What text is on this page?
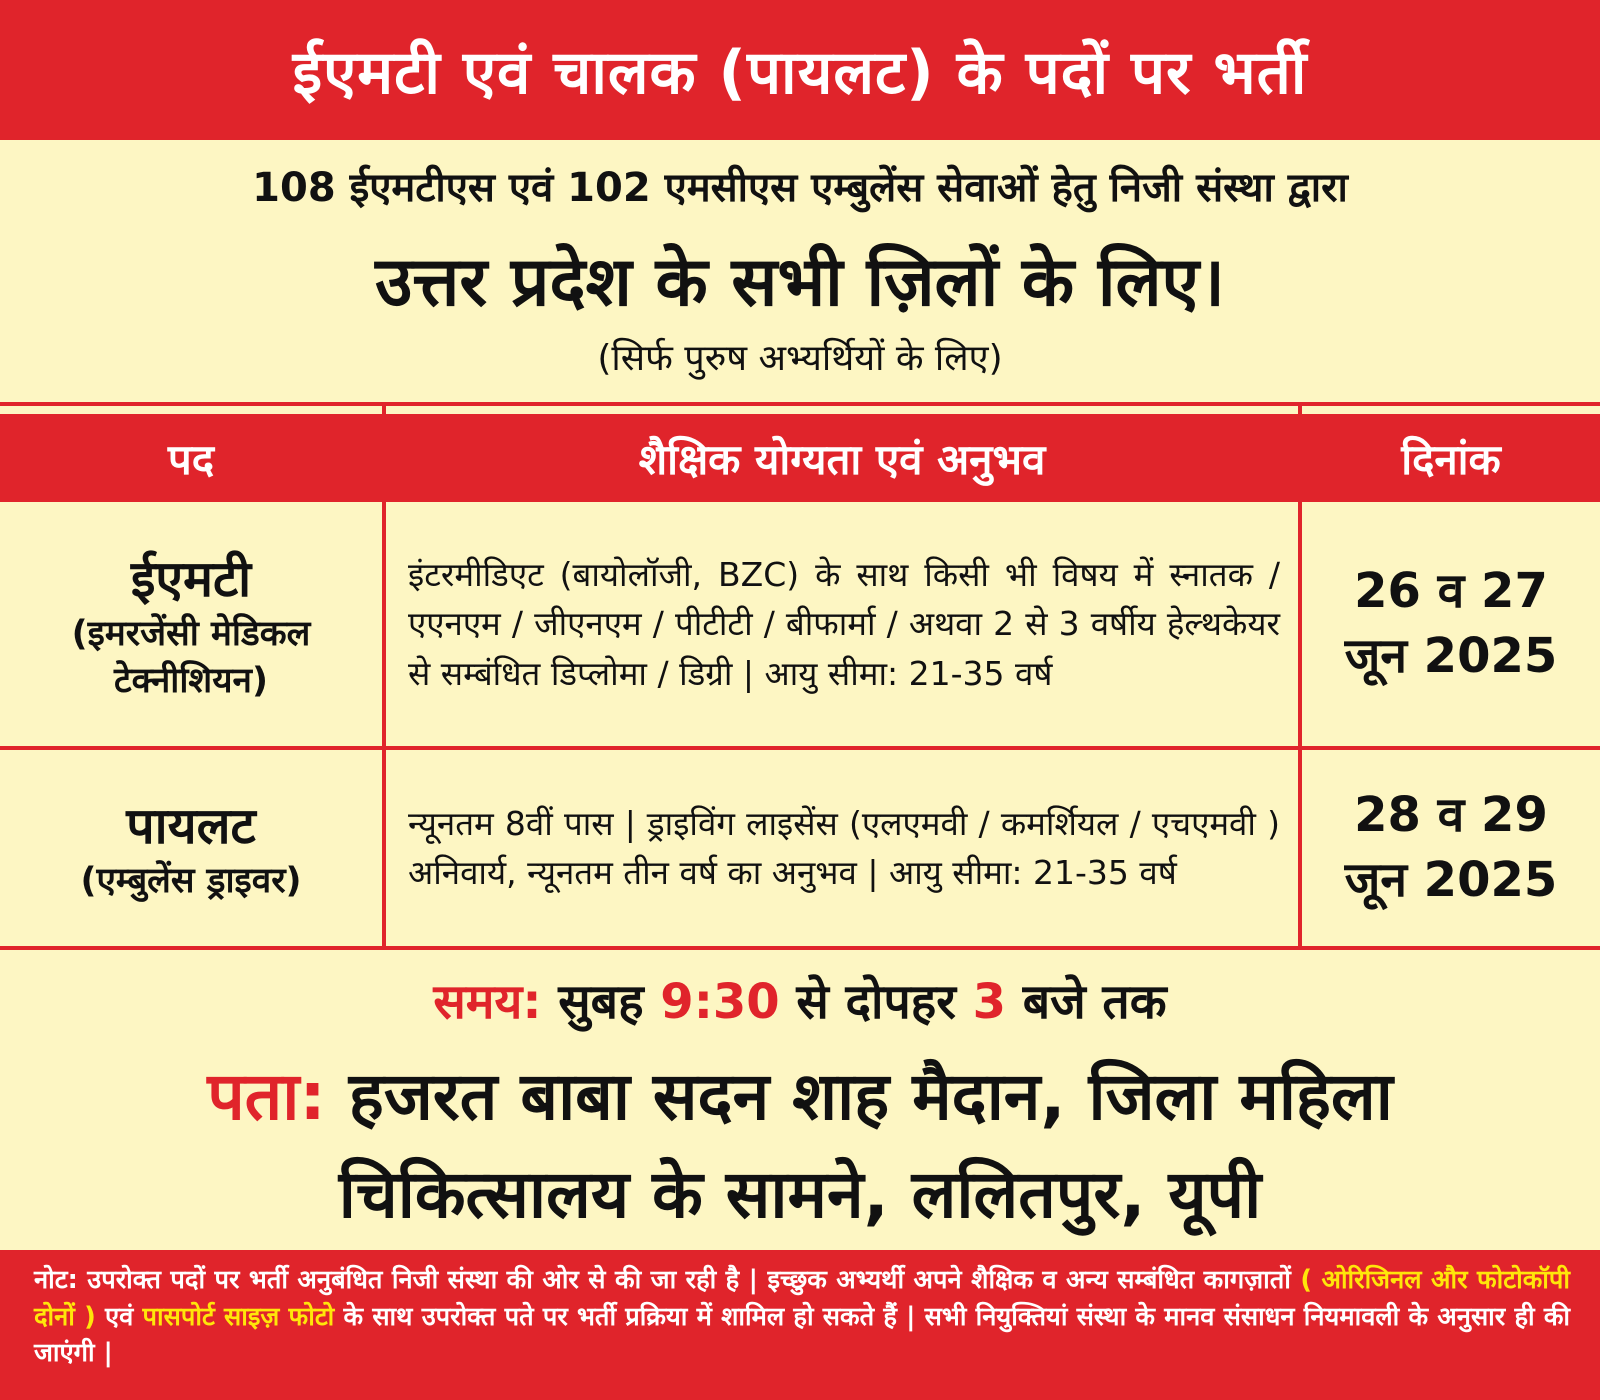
ईएमटी एवं चालक (पायलट) के पदों पर भर्ती
108 ईएमटीएस एवं 102 एमसीएस एम्बुलेंस सेवाओं हेतु निजी संस्था द्वारा
उत्तर प्रदेश के सभी ज़िलों के लिए।
(सिर्फ पुरुष अभ्यर्थियों के लिए)
पद	शैक्षिक योग्यता एवं अनुभव	दिनांक
ईएमटी
(इमरजेंसी मेडिकल
टेक्नीशियन)
इंटरमीडिएट (बायोलॉजी, BZC) के साथ किसी भी विषय में स्नातक / एएनएम / जीएनएम / पीटीटी / बीफार्मा / अथवा 2 से 3 वर्षीय हेल्थकेयर से सम्बंधित डिप्लोमा / डिग्री | आयु सीमा: 21-35 वर्ष
26 व 27
जून 2025
पायलट
(एम्बुलेंस ड्राइवर)
न्यूनतम 8वीं पास | ड्राइविंग लाइसेंस (एलएमवी / कमर्शियल / एचएमवी ) अनिवार्य, न्यूनतम तीन वर्ष का अनुभव | आयु सीमा: 21-35 वर्ष
28 व 29
जून 2025
समय: सुबह 9:30 से दोपहर 3 बजे तक
पता: हजरत बाबा सदन शाह मैदान, जिला महिला
चिकित्सालय के सामने, ललितपुर, यूपी
नोट: उपरोक्त पदों पर भर्ती अनुबंधित निजी संस्था की ओर से की जा रही है | इच्छुक अभ्यर्थी अपने शैक्षिक व अन्य सम्बंधित कागज़ातों ( ओरिजिनल और फोटोकॉपी दोनों ) एवं पासपोर्ट साइज़ फोटो के साथ उपरोक्त पते पर भर्ती प्रक्रिया में शामिल हो सकते हैं | सभी नियुक्तियां संस्था के मानव संसाधन नियमावली के अनुसार ही की जाएंगी |
